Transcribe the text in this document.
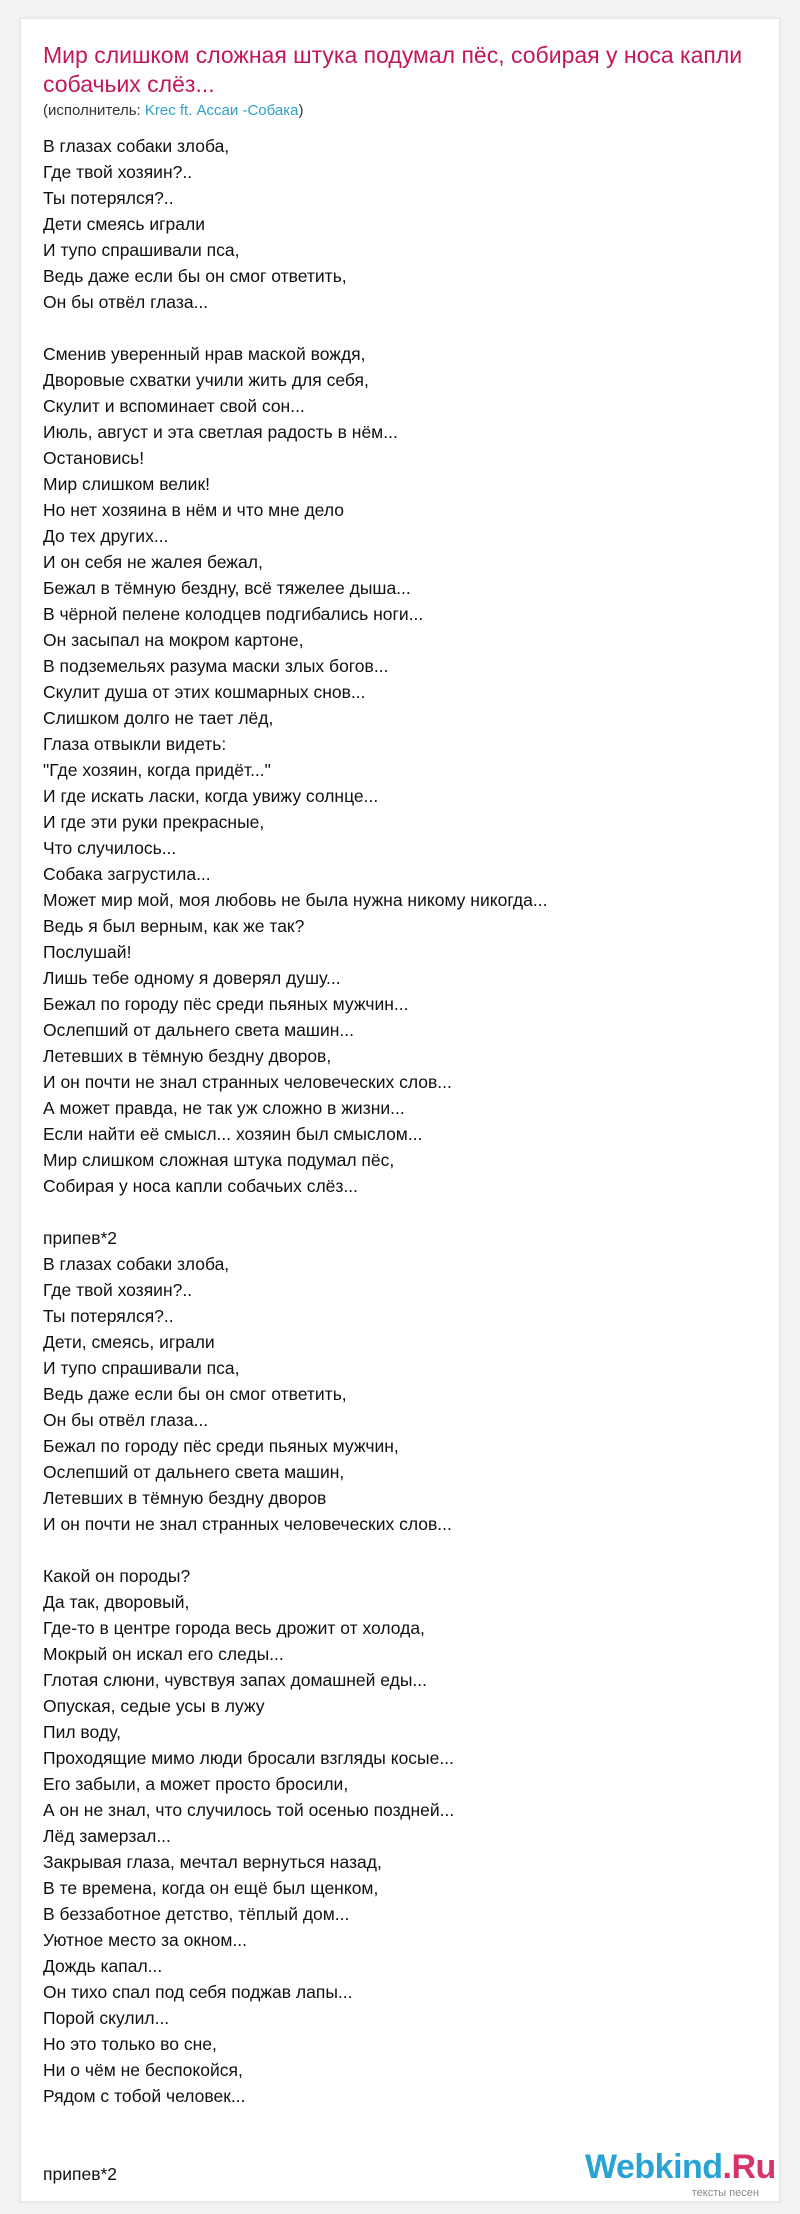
Мир слишком сложная штука подумал пёс, собирая у носа капли собачьих слёз...
(исполнитель: Krec ft. Ассаи -Собака)
В глазах собаки злоба,
Где твой хозяин?..
Ты потерялся?..
Дети смеясь играли
И тупо спрашивали пса,
Ведь даже если бы он смог ответить,
Он бы отвёл глаза...
Сменив уверенный нрав маской вождя,
Дворовые схватки учили жить для себя,
Скулит и вспоминает свой сон...
Июль, август и эта светлая радость в нём...
Остановись!
Мир слишком велик!
Но нет хозяина в нём и что мне дело
До тех других...
И он себя не жалея бежал,
Бежал в тёмную бездну, всё тяжелее дыша...
В чёрной пелене колодцев подгибались ноги...
Он засыпал на мокром картоне,
В подземельях разума маски злых богов...
Скулит душа от этих кошмарных снов...
Слишком долго не тает лёд,
Глаза отвыкли видеть:
"Где хозяин, когда придёт..."
И где искать ласки, когда увижу солнце...
И где эти руки прекрасные,
Что случилось...
Собака загрустила...
Может мир мой, моя любовь не была нужна никому никогда...
Ведь я был верным, как же так?
Послушай!
Лишь тебе одному я доверял душу...
Бежал по городу пёс среди пьяных мужчин...
Ослепший от дальнего света машин...
Летевших в тёмную бездну дворов,
И он почти не знал странных человеческих слов...
А может правда, не так уж сложно в жизни...
Если найти её смысл... хозяин был смыслом...
Мир слишком сложная штука подумал пёс,
Собирая у носа капли собачьих слёз...
припев*2
В глазах собаки злоба,
Где твой хозяин?..
Ты потерялся?..
Дети, смеясь, играли
И тупо спрашивали пса,
Ведь даже если бы он смог ответить,
Он бы отвёл глаза...
Бежал по городу пёс среди пьяных мужчин,
Ослепший от дальнего света машин,
Летевших в тёмную бездну дворов
И он почти не знал странных человеческих слов...
Какой он породы?
Да так, дворовый,
Где-то в центре города весь дрожит от холода,
Мокрый он искал его следы...
Глотая слюни, чувствуя запах домашней еды...
Опуская, седые усы в лужу
Пил воду,
Проходящие мимо люди бросали взгляды косые...
Его забыли, а может просто бросили,
А он не знал, что случилось той осенью поздней...
Лёд замерзал...
Закрывая глаза, мечтал вернуться назад,
В те времена, когда он ещё был щенком,
В беззаботное детство, тёплый дом...
Уютное место за окном...
Дождь капал...
Он тихо спал под себя поджав лапы...
Порой скулил...
Но это только во сне,
Ни о чём не беспокойся,
Рядом с тобой человек...
припев*2	Webkind.Ru
тексты песен
